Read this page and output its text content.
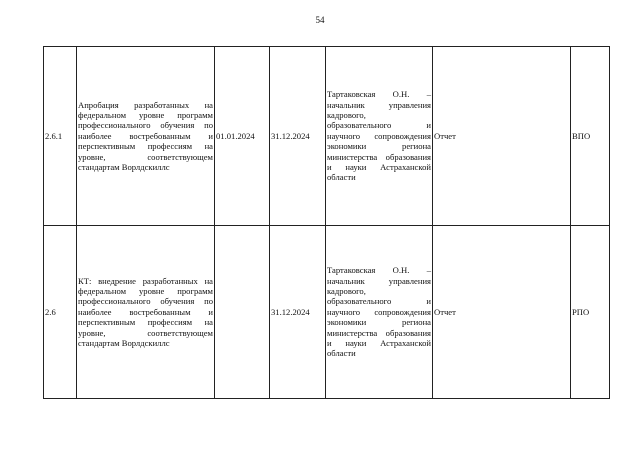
54
2.6.1	Апробация разработанных на федеральном уровне программ профессионального обучения по наиболее востребованным и перспективным профессиям на уровне, соответствующем стандартам Ворлдскиллс	01.01.2024	31.12.2024	Тартаковская О.Н. – начальник управления кадрового, образовательного и научного сопровождения экономики региона министерства образования и науки Астраханской области	Отчет	ВПО
2.6	КТ: внедрение разработанных на федеральном уровне программ профессионального обучения по наиболее востребованным и перспективным профессиям на уровне, соответствующем стандартам Ворлдскиллс		31.12.2024	Тартаковская О.Н. – начальник управления кадрового, образовательного и научного сопровождения экономики региона министерства образования и науки Астраханской области	Отчет	РПО
